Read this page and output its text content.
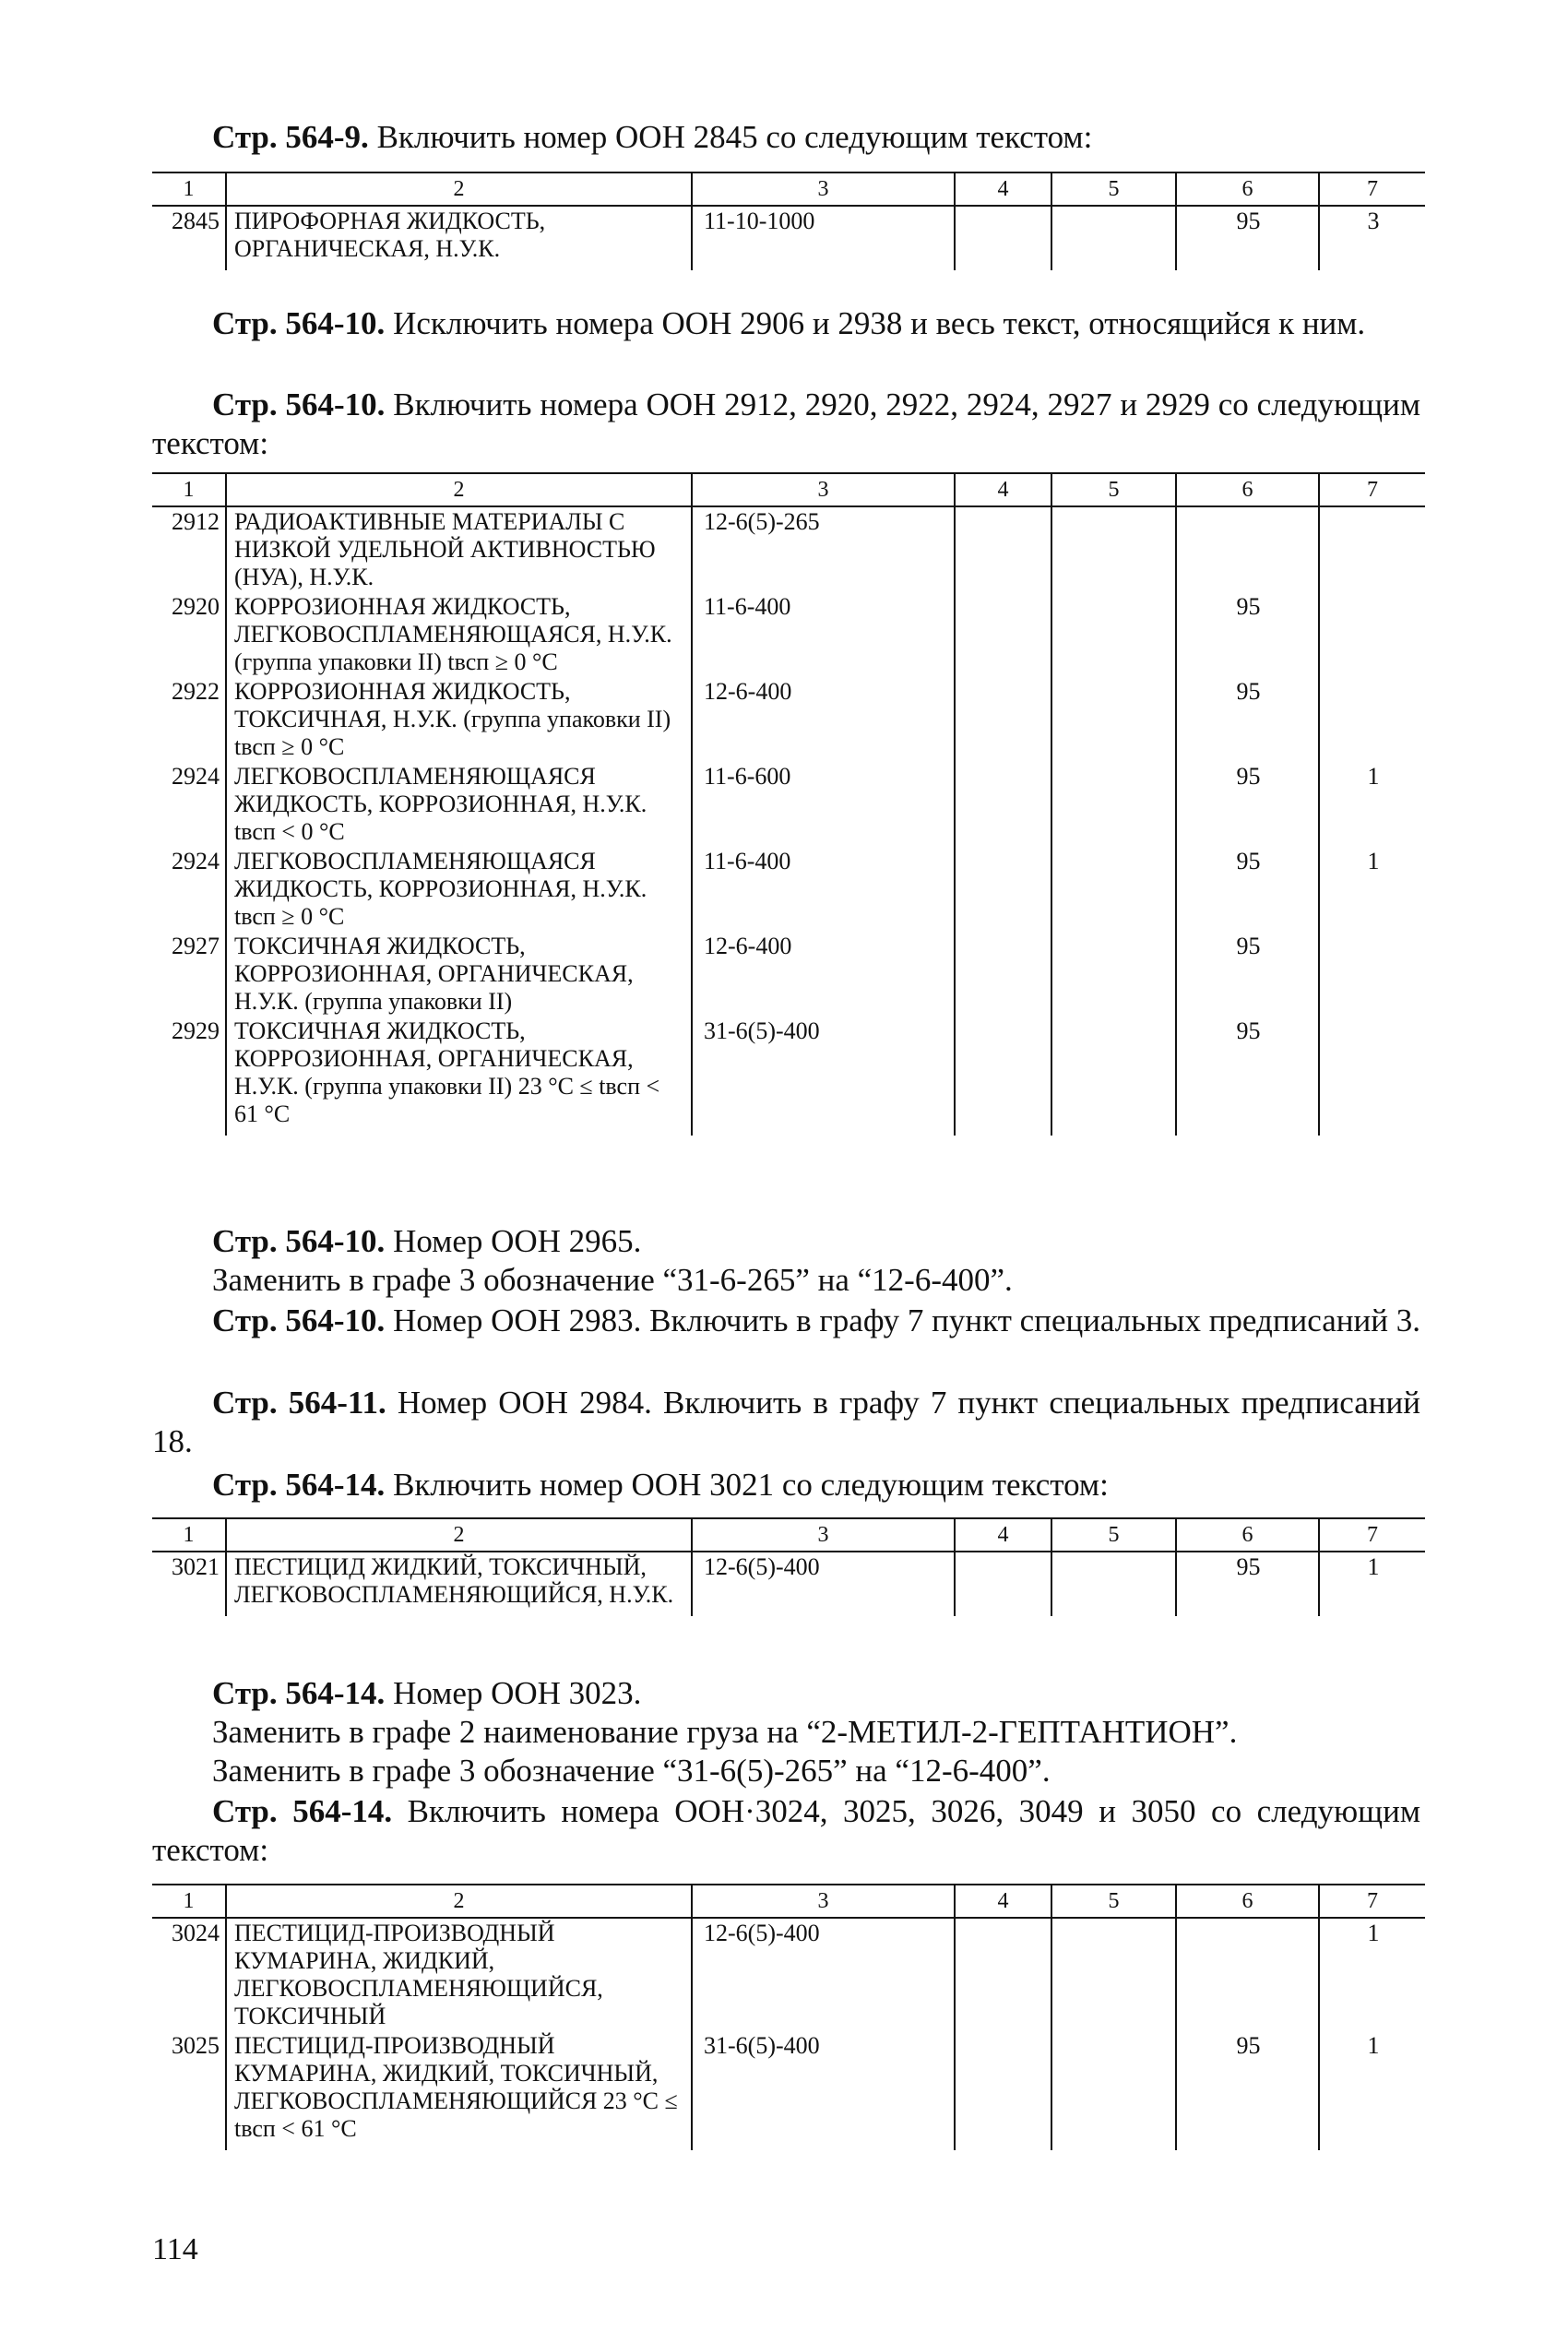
Стр. 564-9. Включить номер ООН 2845 со следующим текстом:
1	2	3	4	5	6	7
2845	ПИРОФОРНАЯ ЖИДКОСТЬ, ОРГАНИЧЕСКАЯ, Н.У.К.	11-10-1000			95	3
Стр. 564-10. Исключить номера ООН 2906 и 2938 и весь текст, относящийся к ним.
Стр. 564-10. Включить номера ООН 2912, 2920, 2922, 2924, 2927 и 2929 со следующим текстом:
1	2	3	4	5	6	7
2912	РАДИОАКТИВНЫЕ МАТЕРИАЛЫ С НИЗКОЙ УДЕЛЬНОЙ АКТИВНОСТЬЮ (НУА), Н.У.К.	12-6(5)-265				
2920	КОРРОЗИОННАЯ ЖИДКОСТЬ, ЛЕГКОВОСПЛАМЕНЯЮЩАЯСЯ, Н.У.К. (группа упаковки II) tвсп ≥ 0 °С	11-6-400			95	
2922	КОРРОЗИОННАЯ ЖИДКОСТЬ, ТОКСИЧНАЯ, Н.У.К. (группа упаковки II) tвсп ≥ 0 °С	12-6-400			95	
2924	ЛЕГКОВОСПЛАМЕНЯЮЩАЯСЯ ЖИДКОСТЬ, КОРРОЗИОННАЯ, Н.У.К. tвсп < 0 °С	11-6-600			95	1
2924	ЛЕГКОВОСПЛАМЕНЯЮЩАЯСЯ ЖИДКОСТЬ, КОРРОЗИОННАЯ, Н.У.К. tвсп ≥ 0 °С	11-6-400			95	1
2927	ТОКСИЧНАЯ ЖИДКОСТЬ, КОРРОЗИОННАЯ, ОРГАНИЧЕСКАЯ, Н.У.К. (группа упаковки II)	12-6-400			95	
2929	ТОКСИЧНАЯ ЖИДКОСТЬ, КОРРОЗИОННАЯ, ОРГАНИЧЕСКАЯ, Н.У.К. (группа упаковки II) 23 °С ≤ tвсп < 61 °С	31-6(5)-400			95	
Стр. 564-10. Номер ООН 2965.
Заменить в графе 3 обозначение “31-6-265” на “12-6-400”.
Стр. 564-10. Номер ООН 2983. Включить в графу 7 пункт специальных предписаний 3.
Стр. 564-11. Номер ООН 2984. Включить в графу 7 пункт специальных предписаний 18.
Стр. 564-14. Включить номер ООН 3021 со следующим текстом:
1	2	3	4	5	6	7
3021	ПЕСТИЦИД ЖИДКИЙ, ТОКСИЧНЫЙ, ЛЕГКОВОСПЛАМЕНЯЮЩИЙСЯ, Н.У.К.	12-6(5)-400			95	1
Стр. 564-14. Номер ООН 3023.
Заменить в графе 2 наименование груза на “2-МЕТИЛ-2-ГЕПТАНТИОН”.
Заменить в графе 3 обозначение “31-6(5)-265” на “12-6-400”.
Стр. 564-14. Включить номера ООН·3024, 3025, 3026, 3049 и 3050 со следующим текстом:
1	2	3	4	5	6	7
3024	ПЕСТИЦИД-ПРОИЗВОДНЫЙ КУМАРИНА, ЖИДКИЙ, ЛЕГКОВОСПЛАМЕНЯЮЩИЙСЯ, ТОКСИЧНЫЙ	12-6(5)-400				1
3025	ПЕСТИЦИД-ПРОИЗВОДНЫЙ КУМАРИНА, ЖИДКИЙ, ТОКСИЧНЫЙ, ЛЕГКОВОСПЛАМЕНЯЮЩИЙСЯ 23 °С ≤ tвсп < 61 °С	31-6(5)-400			95	1
114
